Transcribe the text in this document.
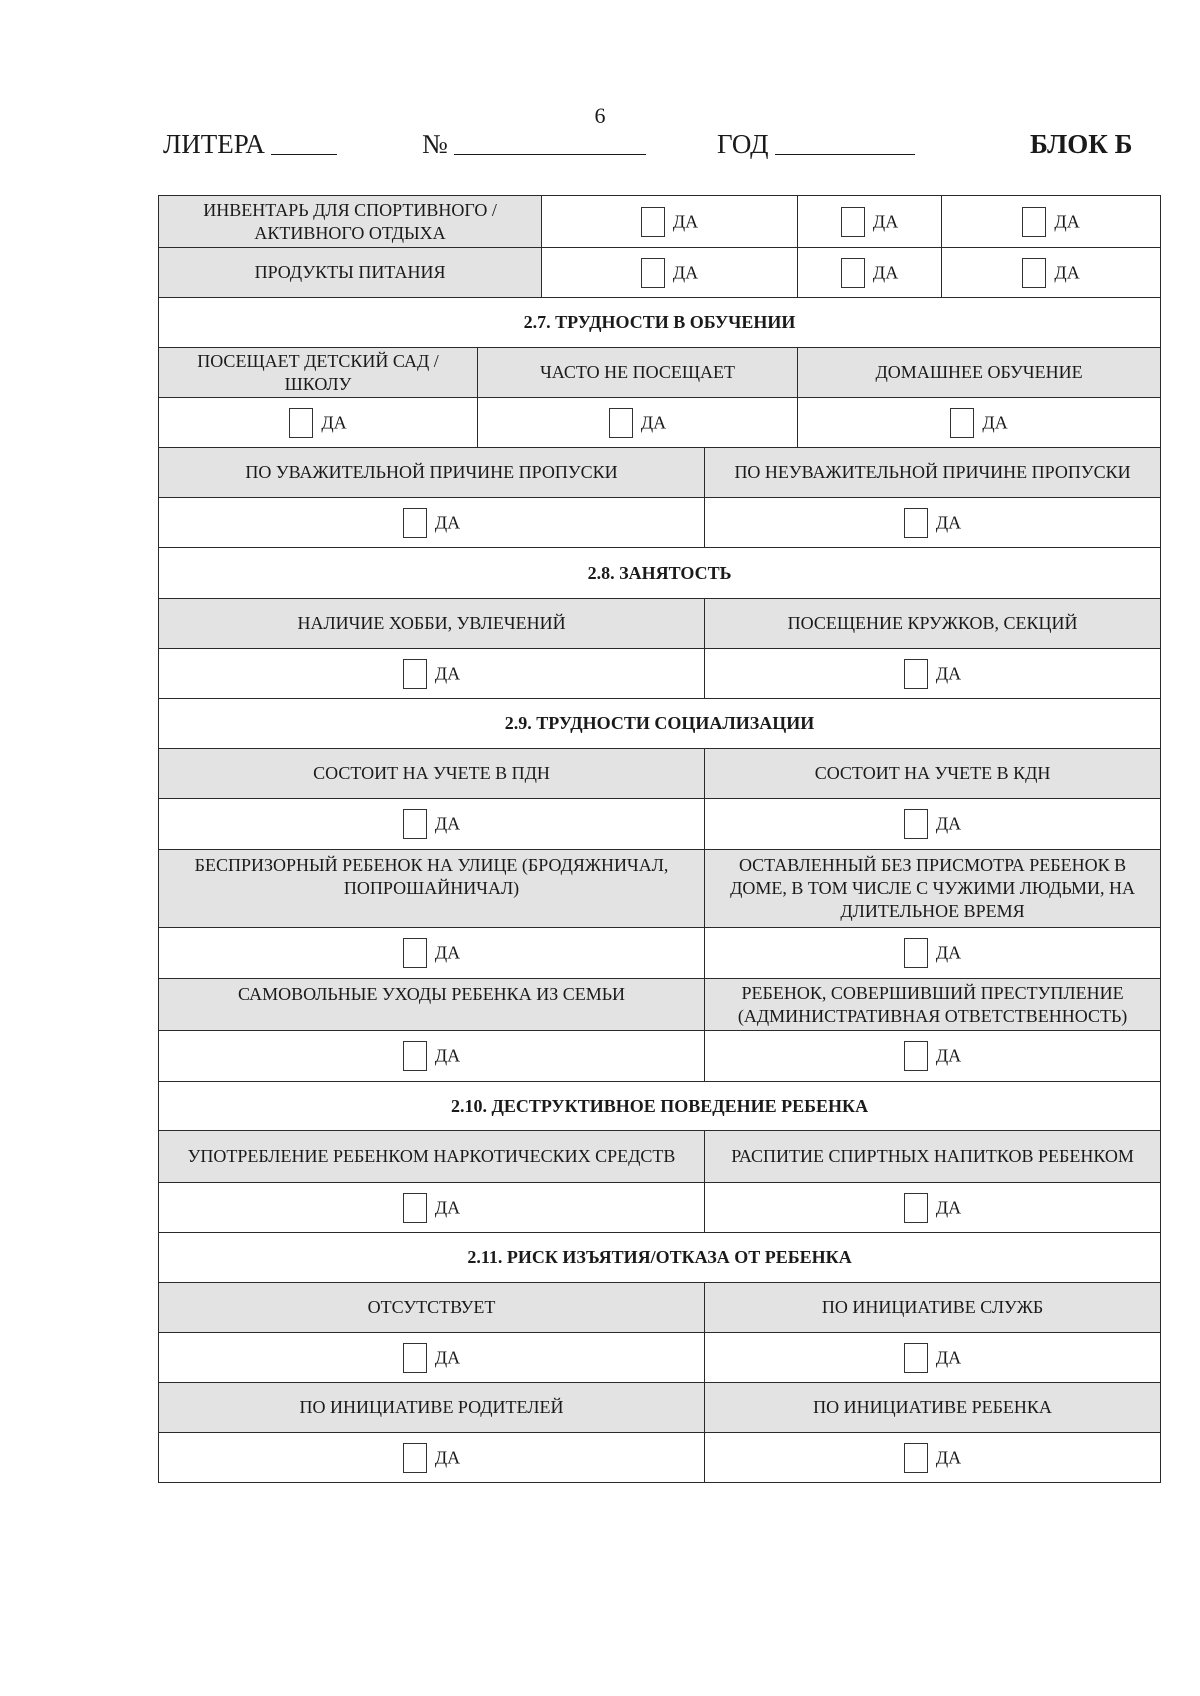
6
ЛИТЕРА	№	ГОД	БЛОК Б
ИНВЕНТАРЬ ДЛЯ СПОРТИВНОГО / АКТИВНОГО ОТДЫХА		ДА		ДА	ДА
ПРОДУКТЫ ПИТАНИЯ		ДА		ДА	ДА
2.7. ТРУДНОСТИ В ОБУЧЕНИИ					
ПОСЕЩАЕТ ДЕТСКИЙ САД / ШКОЛУ	ЧАСТО НЕ ПОСЕЩАЕТ			ДОМАШНЕЕ ОБУЧЕНИЕ	
ДА	ДА			ДА	
ПО УВАЖИТЕЛЬНОЙ ПРИЧИНЕ ПРОПУСКИ			ПО НЕУВАЖИТЕЛЬНОЙ ПРИЧИНЕ ПРОПУСКИ		
ДА			ДА		
2.8. ЗАНЯТОСТЬ					
НАЛИЧИЕ ХОББИ, УВЛЕЧЕНИЙ			ПОСЕЩЕНИЕ КРУЖКОВ, СЕКЦИЙ		
ДА			ДА		
2.9. ТРУДНОСТИ СОЦИАЛИЗАЦИИ					
СОСТОИТ НА УЧЕТЕ В ПДН			СОСТОИТ НА УЧЕТЕ В КДН		
ДА			ДА		
БЕСПРИЗОРНЫЙ РЕБЕНОК НА УЛИЦЕ (БРОДЯЖНИЧАЛ, ПОПРОШАЙНИЧАЛ)			ОСТАВЛЕННЫЙ БЕЗ ПРИСМОТРА РЕБЕНОК В ДОМЕ, В ТОМ ЧИСЛЕ С ЧУЖИМИ ЛЮДЬМИ, НА ДЛИТЕЛЬНОЕ ВРЕМЯ		
ДА			ДА		
САМОВОЛЬНЫЕ УХОДЫ РЕБЕНКА ИЗ СЕМЬИ			РЕБЕНОК, СОВЕРШИВШИЙ ПРЕСТУПЛЕНИЕ (АДМИНИСТРАТИВНАЯ ОТВЕТСТВЕННОСТЬ)		
ДА			ДА		
2.10. ДЕСТРУКТИВНОЕ ПОВЕДЕНИЕ РЕБЕНКА					
УПОТРЕБЛЕНИЕ РЕБЕНКОМ НАРКОТИЧЕСКИХ СРЕДСТВ			РАСПИТИЕ СПИРТНЫХ НАПИТКОВ РЕБЕНКОМ		
ДА			ДА		
2.11. РИСК ИЗЪЯТИЯ/ОТКАЗА ОТ РЕБЕНКА					
ОТСУТСТВУЕТ			ПО ИНИЦИАТИВЕ СЛУЖБ		
ДА			ДА		
ПО ИНИЦИАТИВЕ РОДИТЕЛЕЙ			ПО ИНИЦИАТИВЕ РЕБЕНКА		
ДА			ДА		
